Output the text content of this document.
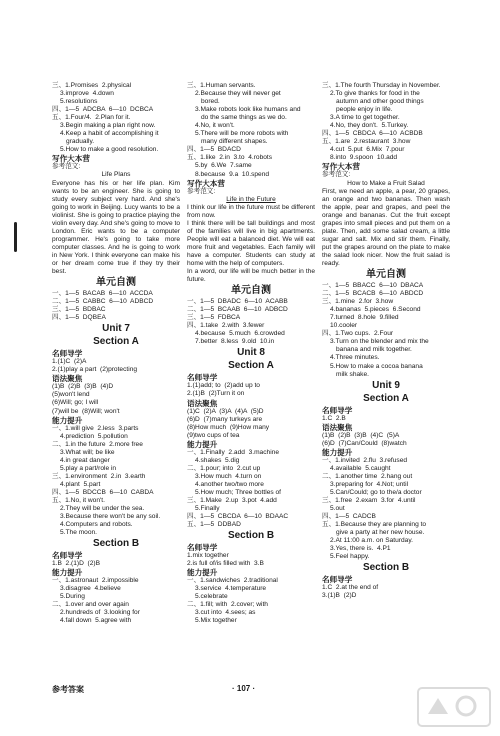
三、1.Promises  2.physical
3.improve  4.down
5.resolutions
四、1—5  ADCBA  6—10  DCBCA
五、1.Four/4.  2.Plan for it.
3.Begin making a plan right now.
4.Keep a habit of accomplishing it
gradually.
5.How to make a good resolution.
写作大本营
参考范文:
Life Plans
Everyone has his or her life plan. Kim wants to be an engineer. She is going to study every subject very hard. And she's going to work in Beijing. Lucy wants to be a violinist. She is going to practice playing the violin every day. And she's going to move to London. Eric wants to be a computer programmer. He's going to take more computer classes. And he is going to work in New York. I think everyone can make his or her dream come true if they try their best.
单元自测
一、1—5  BACAB  6—10  ACCDA
二、1—5  CABBC  6—10  ADBCD
三、1—5  BDBAC
四、1—5  DQBEA
Unit 7
Section A
名师导学
1.(1)C  (2)A
2.(1)play a part  (2)protecting
语法聚焦
(1)B  (2)B  (3)B  (4)D
(5)won't lend
(6)Will; go; I will
(7)will be  (8)Will; won't
能力提升
一、1.will give  2.less  3.parts
4.prediction  5.pollution
二、1.in the future  2.more free
3.What will; be like
4.in great danger
5.play a part/role in
三、1.environment  2.in  3.earth
4.plant  5.part
四、1—5  BDCCB  6—10  CABDA
五、1.No, it won't.
2.They will be under the sea.
3.Because there won't be any soil.
4.Computers and robots.
5.The moon.
Section B
名师导学
1.B  2.(1)D  (2)B
能力提升
一、1.astronaut  2.impossible
3.disagree  4.believe
5.During
二、1.over and over again
2.hundreds of  3.looking for
4.fall down  5.agree with
三、1.Human servants.
2.Because they will never get
bored.
3.Make robots look like humans and
do the same things as we do.
4.No, it won't.
5.There will be more robots with
many different shapes.
四、1—5  BDACD
五、1.like  2.in  3.to  4.robots
5.by  6.We  7.same
8.because  9.a  10.spend
写作大本营
参考范文:
Life in the Future
I think our life in the future must be different from now.
I think there will be tall buildings and most of the families will live in big apartments. People will eat a balanced diet. We will eat more fruit and vegetables. Each family will have a computer. Students can study at home with the help of computers.
In a word, our life will be much better in the future.
单元自测
一、1—5  DBADC  6—10  ACABB
二、1—5  BCAAB  6—10  ADBCD
三、1—5  FDBCA
四、1.take  2.with  3.fewer
4.because  5.much  6.crowded
7.better  8.less  9.old  10.in
Unit 8
Section A
名师导学
1.(1)add; to  (2)add up to
2.(1)B  (2)Turn it on
语法聚焦
(1)C  (2)A  (3)A  (4)A  (5)D
(6)D  (7)many turkeys are
(8)How much  (9)How many
(9)two cups of tea
能力提升
一、1.Finally  2.add  3.machine
4.shakes  5.dig
二、1.pour; into  2.cut up
3.How much  4.turn on
4.another two/two more
5.How much; Three bottles of
三、1.Make  2.up  3.pot  4.add
5.Finally
四、1—5  CBCDA  6—10  BDAAC
五、1—5  DDBAD
Section B
名师导学
1.mix together
2.is full of/is filled with  3.B
能力提升
一、1.sandwiches  2.traditional
3.service  4.temperature
5.celebrate
二、1.fill; with  2.cover; with
3.cut into  4.sees; as
5.Mix together
三、1.The fourth Thursday in November.
2.To give thanks for food in the
autumn and other good things
people enjoy in life.
3.A time to get together.
4.No, they don't.  5.Turkey.
四、1—5  CBDCA  6—10  ACBDB
五、1.are  2.restaurant  3.how
4.cut  5.put  6.Mix  7.pour
8.into  9.spoon  10.add
写作大本营
参考范文:
How to Make a Fruit Salad
First, we need an apple, a pear, 20 grapes, an orange and two bananas. Then wash the apple, pear and grapes, and peel the orange and bananas. Cut the fruit except grapes into small pieces and put them on a plate. Then, add some salad cream, a little sugar and salt. Mix and stir them. Finally, put the grapes around on the plate to make the salad look nicer. Now the fruit salad is ready.
单元自测
一、1—5  BBACC  6—10  DBACA
二、1—5  BCACB  6—10  ABDCD
三、1.mine  2.for  3.how
4.bananas  5.pieces  6.Second
7.turned  8.hole  9.filled
10.cooler
四、1.Two cups.  2.Four
3.Turn on the blender and mix the
banana and milk together.
4.Three minutes.
5.How to make a cocoa banana
milk shake.
Unit 9
Section A
名师导学
1.C  2.B
语法聚焦
(1)B  (2)B  (3)B  (4)C  (5)A
(6)D  (7)Can/Could  (8)watch
能力提升
一、1.invited  2.flu  3.refused
4.available  5.caught
二、1.another time  2.hang out
3.preparing for  4.Not; until
5.Can/Could; go to the/a doctor
三、1.free  2.exam  3.for  4.until
5.out
四、1—5  CADCB
五、1.Because they are planning to
give a party at her new house.
2.At 11:00 a.m. on Saturday.
3.Yes, there is.  4.P1
5.Feel happy.
Section B
名师导学
1.C  2.at the end of
3.(1)B  (2)D
参考答案	· 107 ·
